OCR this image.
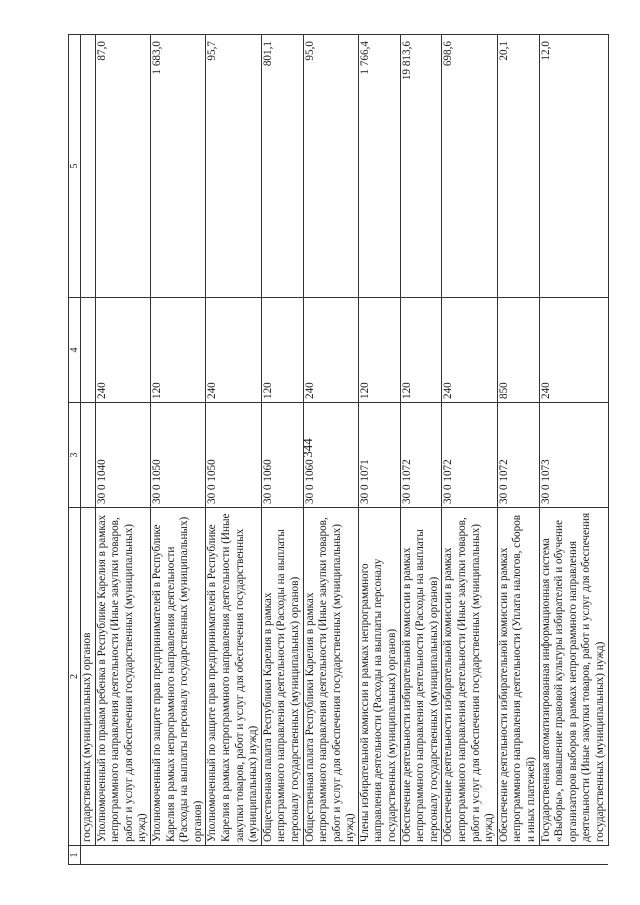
344
1	2	3	4	5
	государственных (муниципальных) органов			
	Уполномоченный по правам ребенка в Республике Карелия в рамках непрограммного направления деятельности (Иные закупки товаров, работ и услуг для обеспечения государственных (муниципальных) нужд)	30 0 1040	240	87,0
	Уполномоченный по защите прав предпринимателей в Республике Карелия в рамках непрограммного направления деятельности (Расходы на выплаты персоналу государственных (муниципальных) органов)	30 0 1050	120	1 683,0
	Уполномоченный по защите прав предпринимателей в Республике Карелия в рамках непрограммного направления деятельности (Иные закупки товаров, работ и услуг для обеспечения государственных (муниципальных) нужд)	30 0 1050	240	95,7
	Общественная палата Республики Карелия в рамках непрограммного направления деятельности (Расходы на выплаты персоналу государственных (муниципальных) органов)	30 0 1060	120	801,1
	Общественная палата Республики Карелия в рамках непрограммного направления деятельности (Иные закупки товаров, работ и услуг для обеспечения государственных (муниципальных) нужд)	30 0 1060	240	95,0
	Члены избирательной комиссии в рамках непрограммного направления деятельности (Расходы на выплаты персоналу государственных (муниципальных) органов)	30 0 1071	120	1 766,4
	Обеспечение деятельности избирательной комиссии в рамках непрограммного направления деятельности (Расходы на выплаты персоналу государственных (муниципальных) органов)	30 0 1072	120	19 813,6
	Обеспечение деятельности избирательной комиссии в рамках непрограммного направления деятельности (Иные закупки товаров, работ и услуг для обеспечения государственных (муниципальных) нужд)	30 0 1072	240	698,6
	Обеспечение деятельности избирательной комиссии в рамках непрограммного направления деятельности (Уплата налогов, сборов и иных платежей)	30 0 1072	850	20,1
	Государственная автоматизированная информационная система «Выборы», повышение правовой культуры избирателей и обучение организаторов выборов в рамках непрограммного направления деятельности (Иные закупки товаров, работ и услуг для обеспечения государственных (муниципальных) нужд)	30 0 1073	240	12,0
